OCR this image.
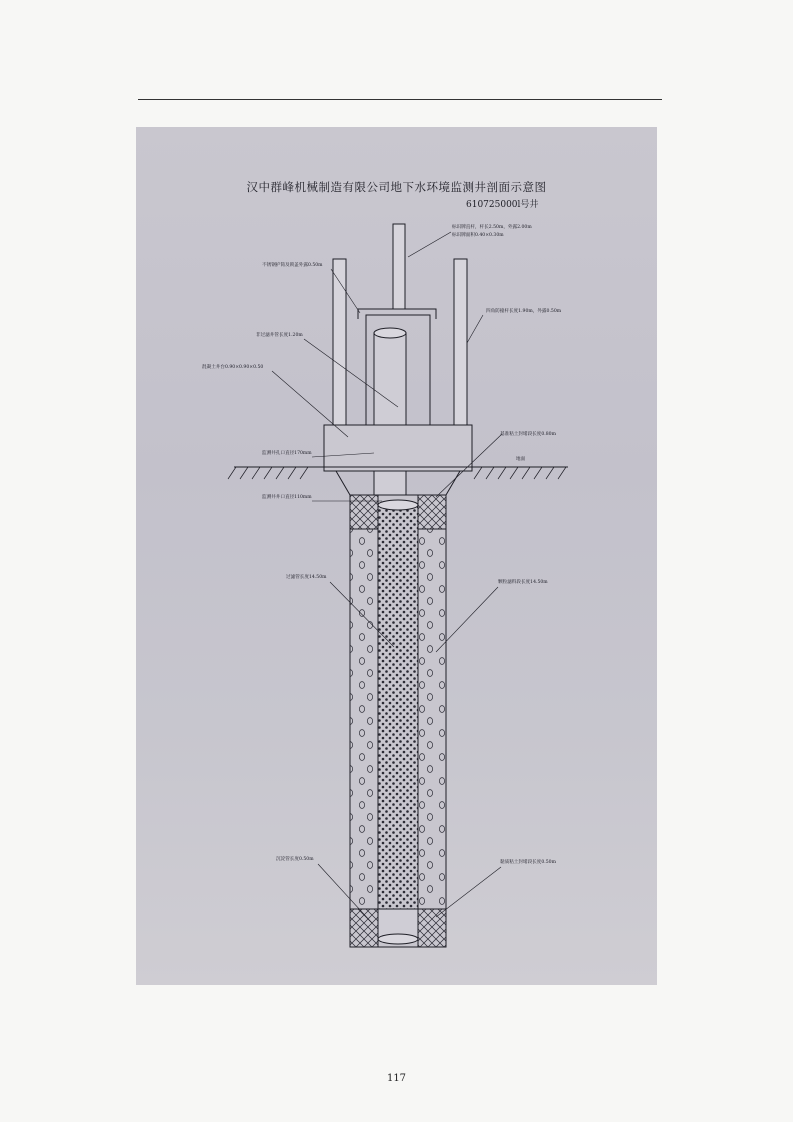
汉中群峰机械制造有限公司地下水环境监测井剖面示意图
610725000l号井
标识牌直杆，杆长2.50m，外露2.00m
标识牌面积0.40×0.30m
不锈钢护筒及锁盖外露0.50m
四角防撞杆长度1.90m，外露0.50m
非过滤井管长度1.20m
混凝土井台0.90×0.90×0.50
基准粘土封堵段长度0.80m
监测井孔口直径170mm
地面
监测井井口直径110mm
过滤管长度14.50m
颗粒滤料段长度14.50m
沉淀管长度0.50m
黏质粘土封堵段长度0.50m
117
